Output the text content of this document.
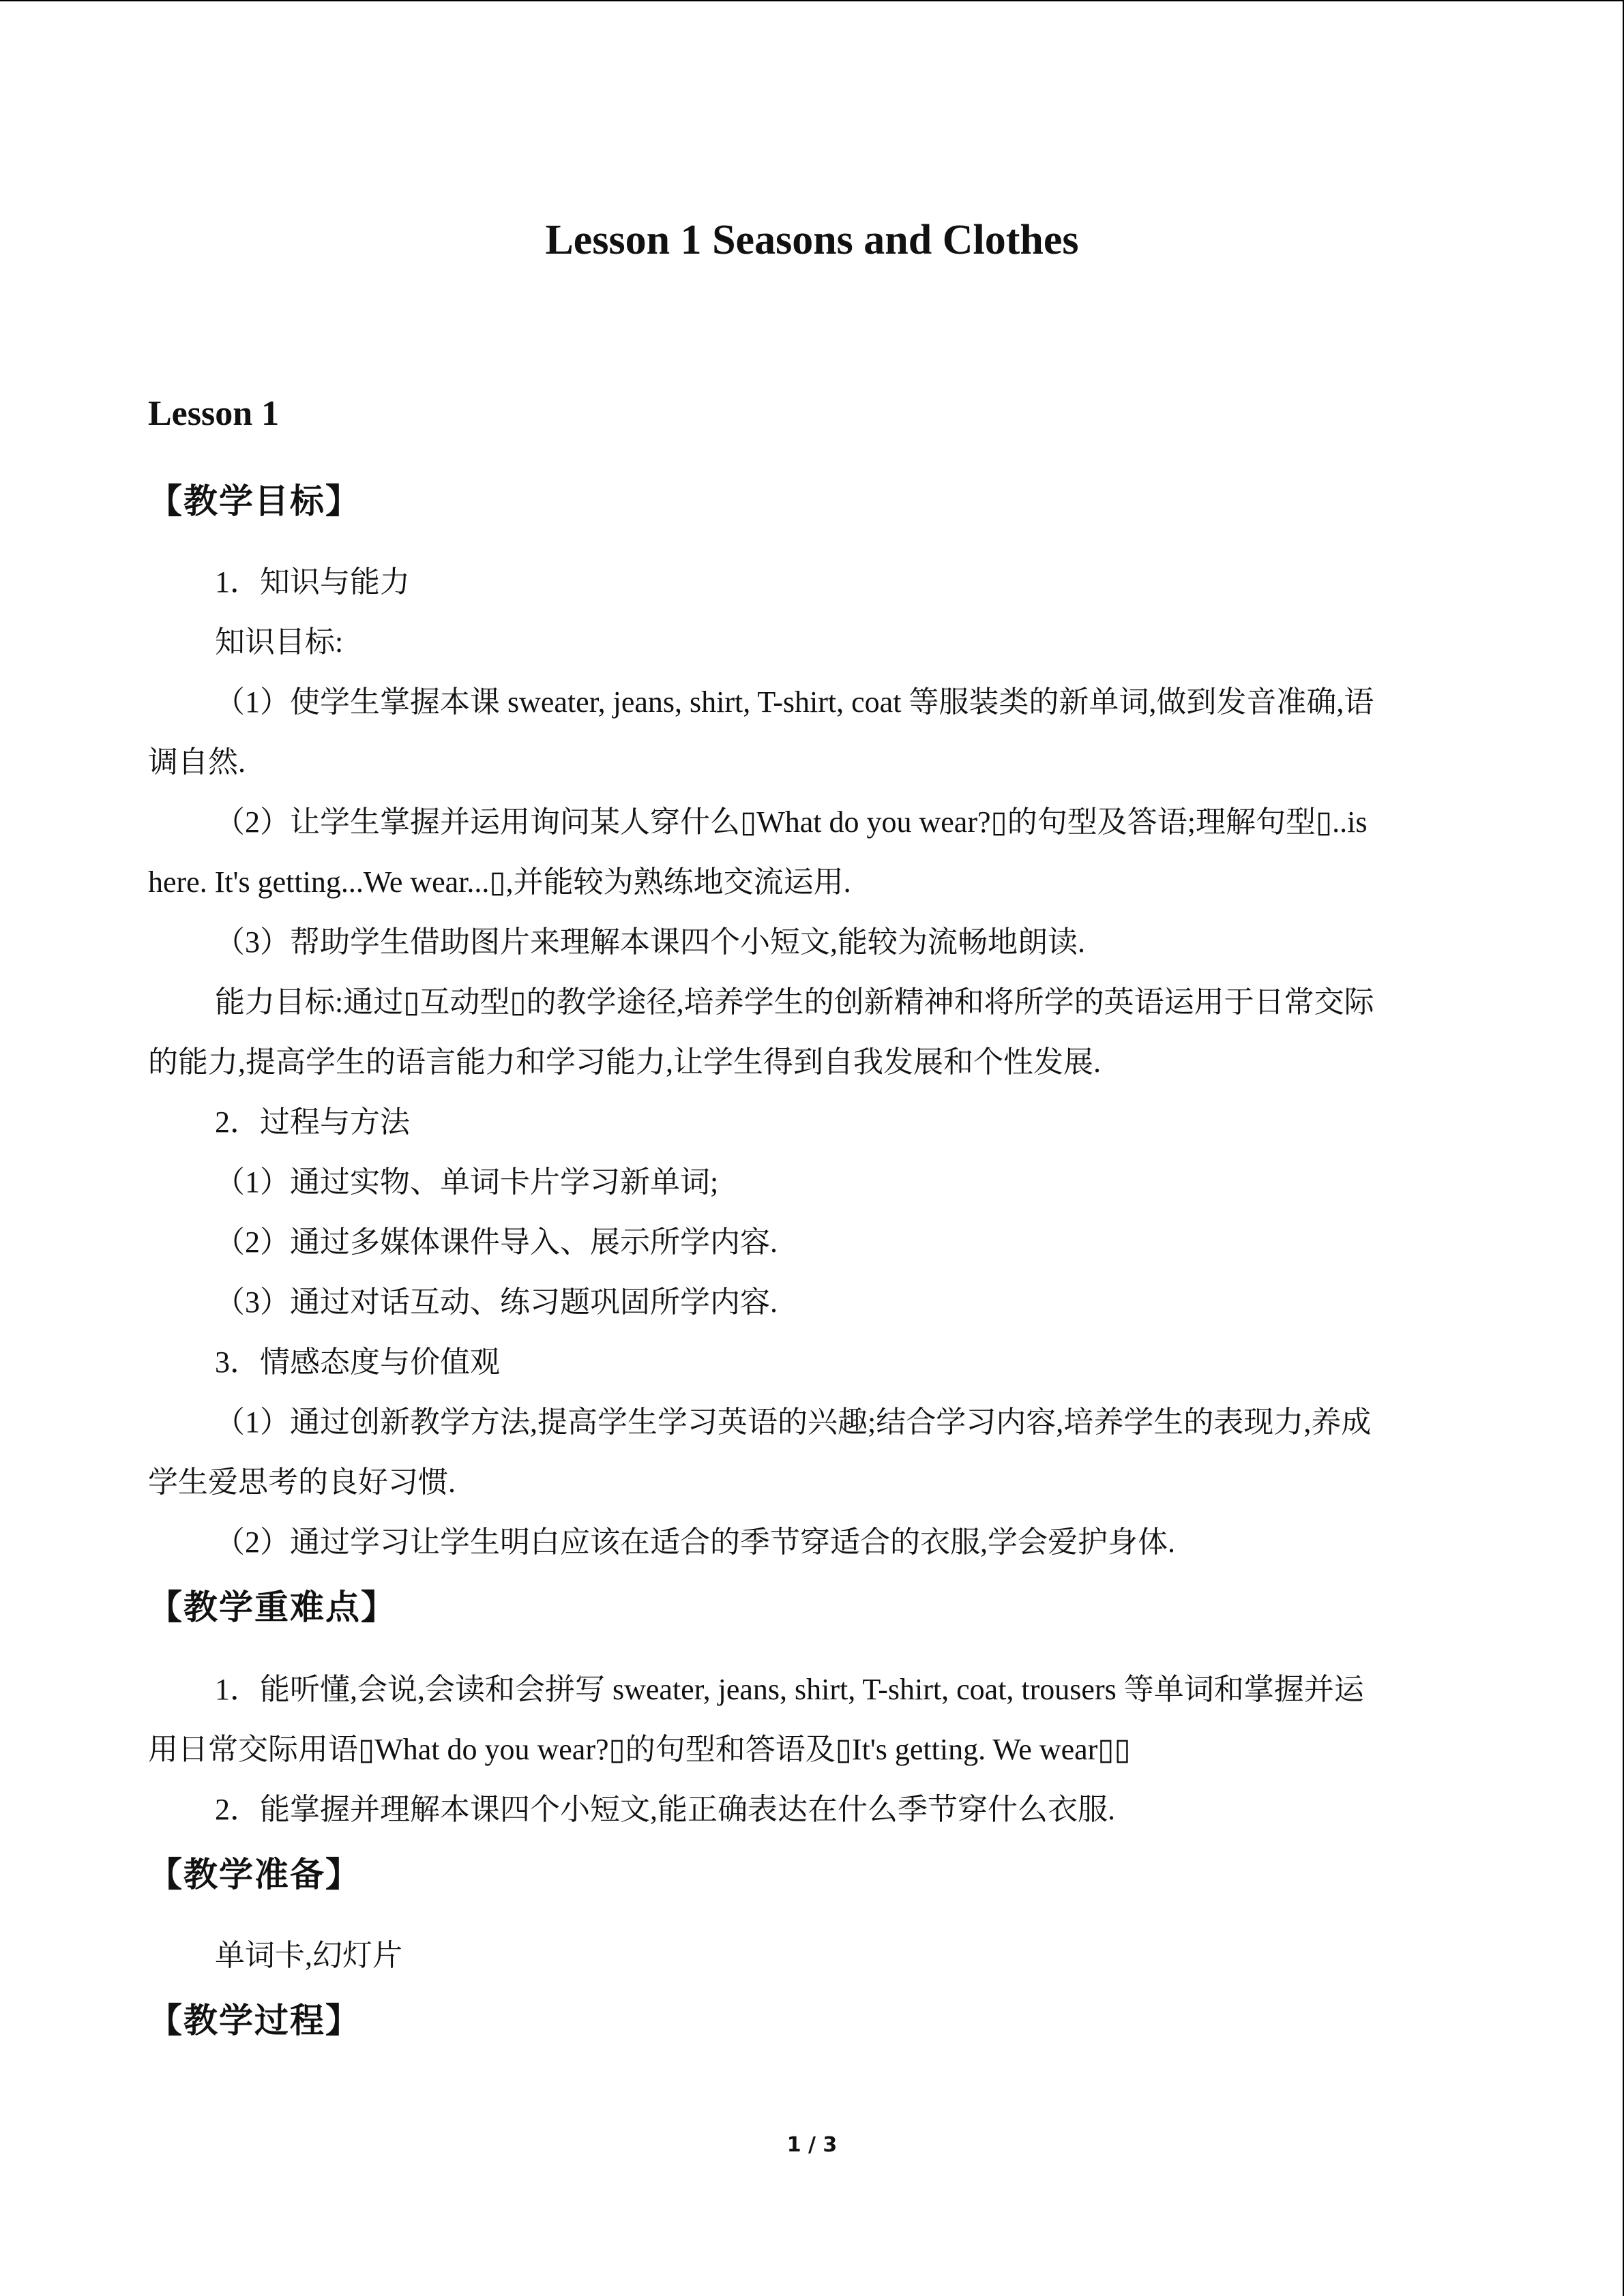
Lesson 1 Seasons and Clothes
Lesson 1
【教学目标】
1．知识与能力
知识目标:
（1）使学生掌握本课 sweater, jeans, shirt, T-shirt, coat 等服装类的新单词,做到发音准确,语
调自然.
（2）让学生掌握并运用询问某人穿什么▯What do you wear?▯的句型及答语;理解句型▯..is
here. It's getting...We wear...▯,并能较为熟练地交流运用.
（3）帮助学生借助图片来理解本课四个小短文,能较为流畅地朗读.
能力目标:通过▯互动型▯的教学途径,培养学生的创新精神和将所学的英语运用于日常交际
的能力,提高学生的语言能力和学习能力,让学生得到自我发展和个性发展.
2．过程与方法
（1）通过实物、单词卡片学习新单词;
（2）通过多媒体课件导入、展示所学内容.
（3）通过对话互动、练习题巩固所学内容.
3．情感态度与价值观
（1）通过创新教学方法,提高学生学习英语的兴趣;结合学习内容,培养学生的表现力,养成
学生爱思考的良好习惯.
（2）通过学习让学生明白应该在适合的季节穿适合的衣服,学会爱护身体.
【教学重难点】
1．能听懂,会说,会读和会拼写 sweater, jeans, shirt, T-shirt, coat, trousers 等单词和掌握并运
用日常交际用语▯What do you wear?▯的句型和答语及▯It's getting. We wear▯▯
2．能掌握并理解本课四个小短文,能正确表达在什么季节穿什么衣服.
【教学准备】
单词卡,幻灯片
【教学过程】
1 / 3
